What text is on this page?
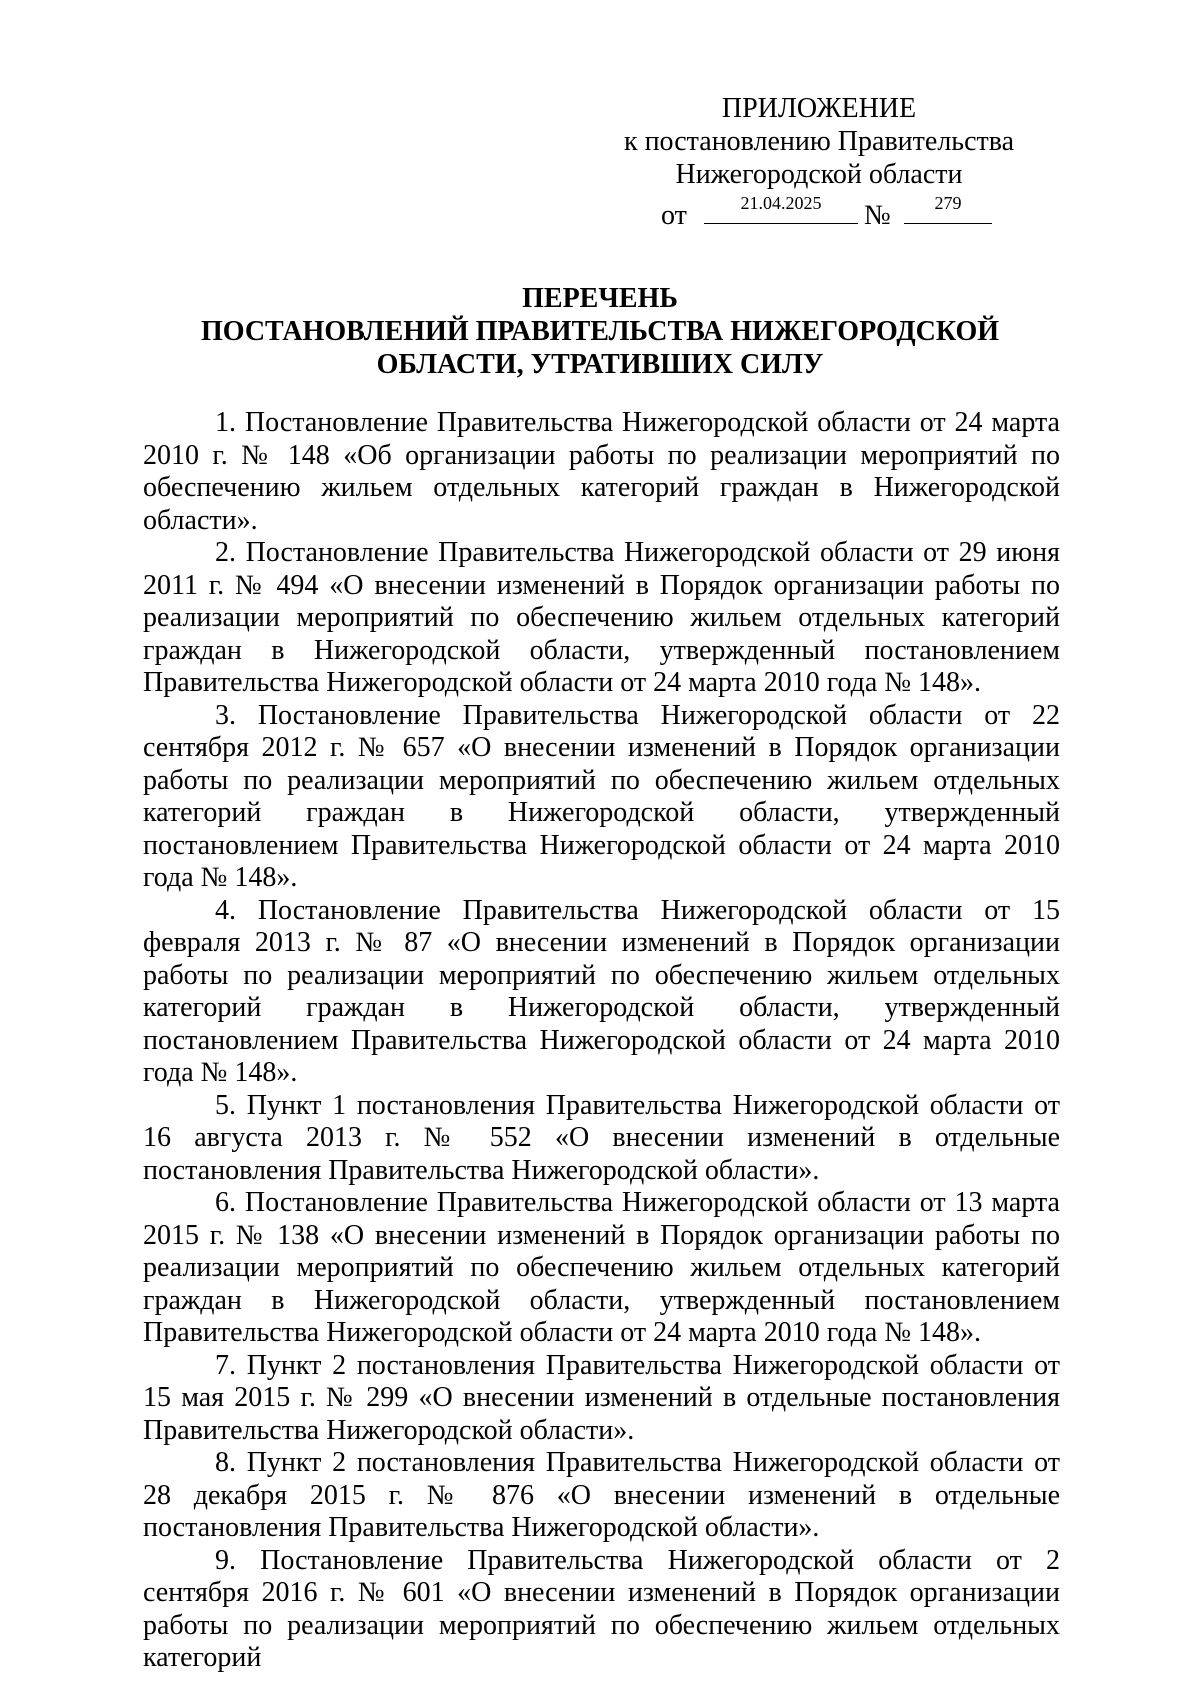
ПРИЛОЖЕНИЕ
к постановлению Правительства
Нижегородской области
от	21.04.2025	№	279
ПЕРЕЧЕНЬ
ПОСТАНОВЛЕНИЙ ПРАВИТЕЛЬСТВА НИЖЕГОРОДСКОЙ
ОБЛАСТИ, УТРАТИВШИХ СИЛУ

1. Постановление Правительства Нижегородской области от 24 марта 2010 г. № 148 «Об организации работы по реализации мероприятий по обеспечению жильем отдельных категорий граждан в Нижегородской области».

2. Постановление Правительства Нижегородской области от 29 июня 2011 г. № 494 «О внесении изменений в Порядок организации работы по реализации мероприятий по обеспечению жильем отдельных категорий граждан в Нижегородской области, утвержденный постановлением Правительства Нижегородской области от 24 марта 2010 года № 148».

3. Постановление Правительства Нижегородской области от 22 сентября 2012 г. № 657 «О внесении изменений в Порядок организации работы по реализации мероприятий по обеспечению жильем отдельных категорий граждан в Нижегородской области, утвержденный постановлением Правительства Нижегородской области от 24 марта 2010 года № 148».

4. Постановление Правительства Нижегородской области от 15 февраля 2013 г. № 87 «О внесении изменений в Порядок организации работы по реализации мероприятий по обеспечению жильем отдельных категорий граждан в Нижегородской области, утвержденный постановлением Правительства Нижегородской области от 24 марта 2010 года № 148».

5. Пункт 1 постановления Правительства Нижегородской области от 16 августа 2013 г. № 552 «О внесении изменений в отдельные постановления Правительства Нижегородской области».

6. Постановление Правительства Нижегородской области от 13 марта 2015 г. № 138 «О внесении изменений в Порядок организации работы по реализации мероприятий по обеспечению жильем отдельных категорий граждан в Нижегородской области, утвержденный постановлением Правительства Нижегородской области от 24 марта 2010 года № 148».

7. Пункт 2 постановления Правительства Нижегородской области от 15 мая 2015 г. № 299 «О внесении изменений в отдельные постановления Правительства Нижегородской области».

8. Пункт 2 постановления Правительства Нижегородской области от 28 декабря 2015 г. № 876 «О внесении изменений в отдельные постановления Правительства Нижегородской области».

9. Постановление Правительства Нижегородской области от 2 сентября 2016 г. № 601 «О внесении изменений в Порядок организации работы по реализации мероприятий по обеспечению жильем отдельных категорий
